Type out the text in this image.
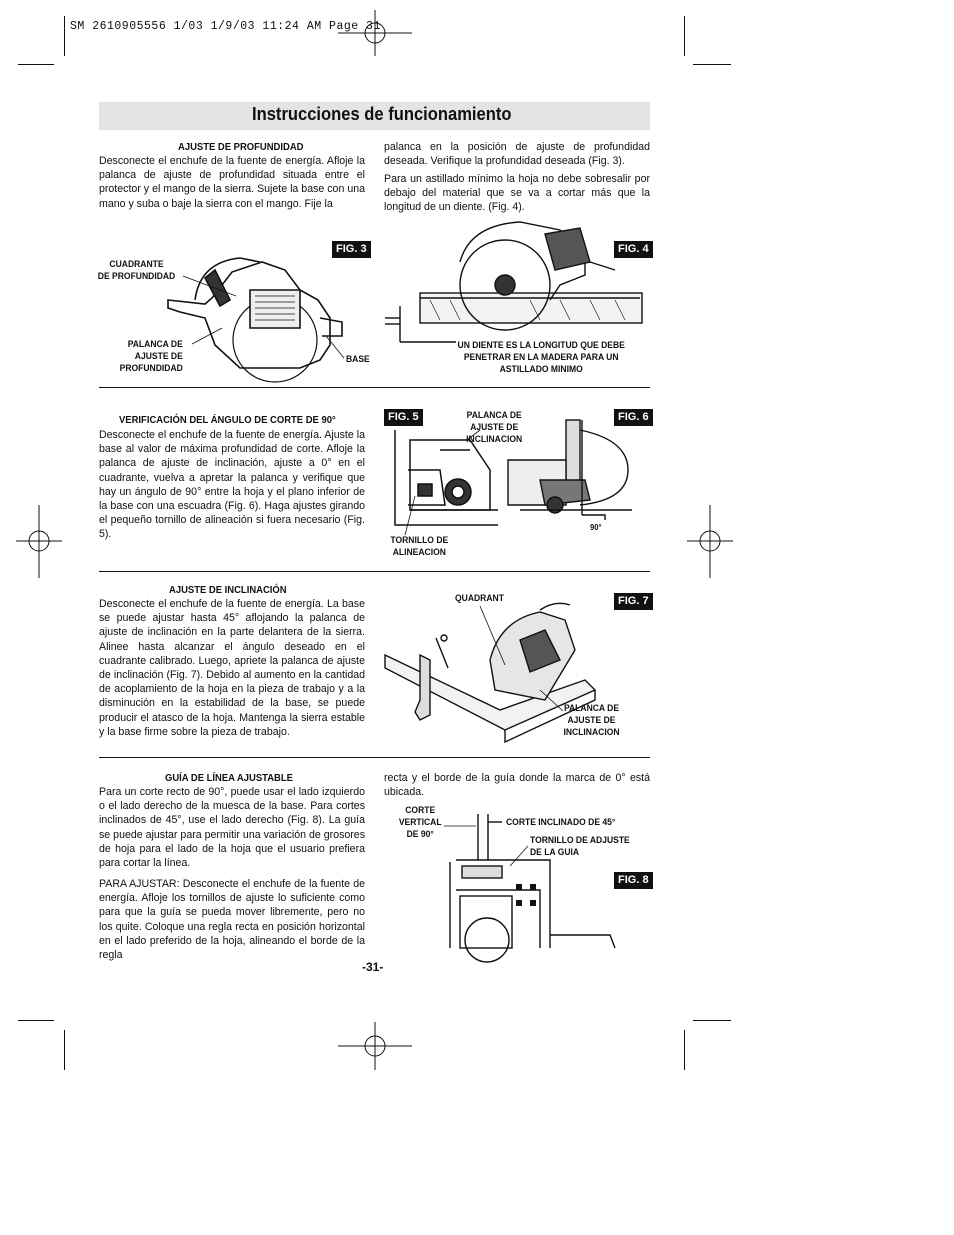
SM 2610905556 1/03 1/9/03 11:24 AM Page 31
Instrucciones de funcionamiento
AJUSTE DE PROFUNDIDAD
Desconecte el enchufe de la fuente de energía. Afloje la palanca de ajuste de profundidad situada entre el protector y el mango de la sierra. Sujete la base con una mano y suba o baje la sierra con el mango. Fije la
palanca en la posición de ajuste de profundidad deseada. Verifique la profundidad deseada (Fig. 3).
Para un astillado mínimo la hoja no debe sobresalir por debajo del material que se va a cortar más que la longitud de un diente. (Fig. 4).
FIG. 3
CUADRANTE
DE PROFUNDIDAD
PALANCA DE
AJUSTE DE
PROFUNDIDAD
BASE
FIG. 4
UN DIENTE ES LA LONGITUD QUE DEBE
PENETRAR EN LA MADERA PARA UN
ASTILLADO MINIMO
VERIFICACIÓN DEL ÁNGULO DE CORTE DE 90°
Desconecte el enchufe de la fuente de energía. Ajuste la base al valor de máxima profundidad de corte. Afloje la palanca de ajuste de inclinación, ajuste a 0° en el cuadrante, vuelva a apretar la palanca y verifique que hay un ángulo de 90° entre la hoja y el plano inferior de la base con una escuadra (Fig. 6). Haga ajustes girando el pequeño tornillo de alineación si fuera necesario (Fig. 5).
FIG. 5	PALANCA DE
AJUSTE DE
INCLINACION
TORNILLO DE
ALINEACION
FIG. 6
90°
AJUSTE DE INCLINACIÓN
Desconecte el enchufe de la fuente de energía. La base se puede ajustar hasta 45° aflojando la palanca de ajuste de inclinación en la parte delantera de la sierra. Alinee hasta alcanzar el ángulo deseado en el cuadrante calibrado. Luego, apriete la palanca de ajuste de inclinación (Fig. 7). Debido al aumento en la cantidad de acoplamiento de la hoja en la pieza de trabajo y a la disminución en la estabilidad de la base, se puede producir el atasco de la hoja. Mantenga la sierra estable y la base firme sobre la pieza de trabajo.
FIG. 7
QUADRANT
PALANCA DE
AJUSTE DE
INCLINACION
GUÍA DE LÍNEA AJUSTABLE
Para un corte recto de 90°, puede usar el lado izquierdo o el lado derecho de la muesca de la base. Para cortes inclinados de 45°, use el lado derecho (Fig. 8). La guía se puede ajustar para permitir una variación de grosores de hoja para el lado de la hoja que el usuario prefiera para cortar la línea.
PARA AJUSTAR: Desconecte el enchufe de la fuente de energía. Afloje los tornillos de ajuste lo suficiente como para que la guía se pueda mover libremente, pero no los quite. Coloque una regla recta en posición horizontal en el lado preferido de la hoja, alineando el borde de la regla
recta y el borde de la guía donde la marca de 0° está ubicada.
FIG. 8
CORTE
VERTICAL
DE 90°
CORTE INCLINADO DE 45°
TORNILLO DE ADJUSTE
DE LA GUIA
-31-
